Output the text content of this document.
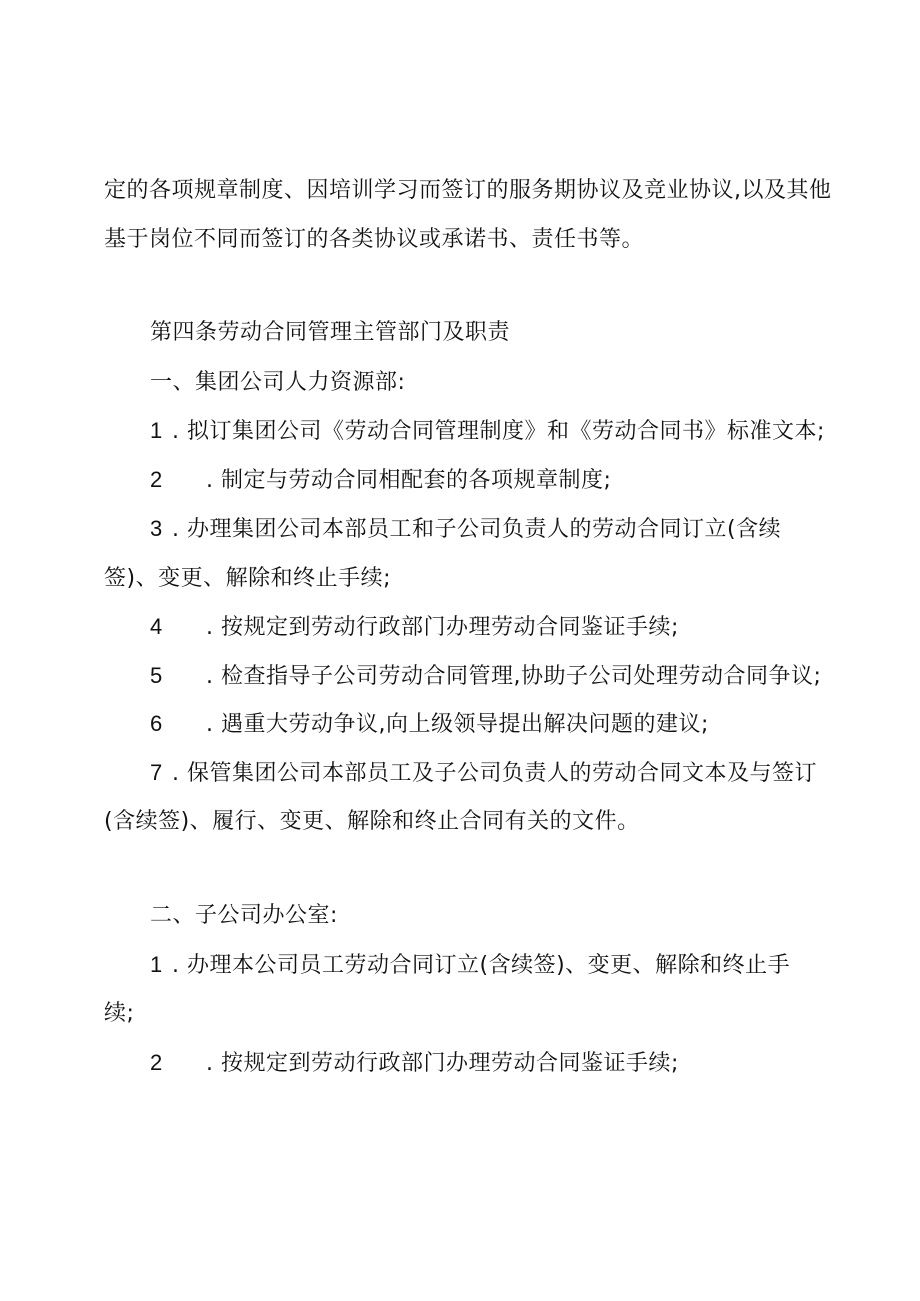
定的各项规章制度、因培训学习而签订的服务期协议及竞业协议,以及其他
基于岗位不同而签订的各类协议或承诺书、责任书等。
第四条劳动合同管理主管部门及职责
一、集团公司人力资源部:
1 . 拟订集团公司《劳动合同管理制度》和《劳动合同书》标准文本;
2 . 制定与劳动合同相配套的各项规章制度;
3 . 办理集团公司本部员工和子公司负责人的劳动合同订立(含续
签)、变更、解除和终止手续;
4 . 按规定到劳动行政部门办理劳动合同鉴证手续;
5 . 检查指导子公司劳动合同管理,协助子公司处理劳动合同争议;
6 . 遇重大劳动争议,向上级领导提出解决问题的建议;
7 . 保管集团公司本部员工及子公司负责人的劳动合同文本及与签订
(含续签)、履行、变更、解除和终止合同有关的文件。
二、子公司办公室:
1 . 办理本公司员工劳动合同订立(含续签)、变更、解除和终止手
续;
2 . 按规定到劳动行政部门办理劳动合同鉴证手续;
